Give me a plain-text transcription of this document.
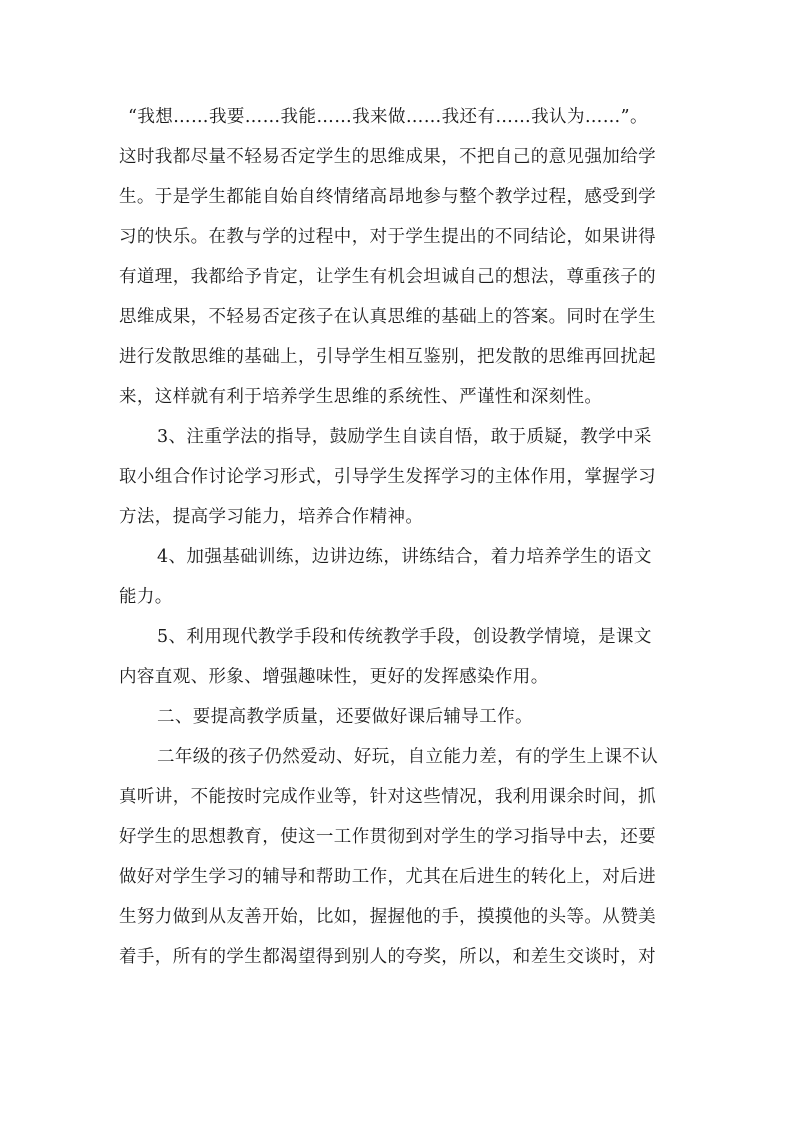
“我想……我要……我能……我来做……我还有……我认为……”。
这时我都尽量不轻易否定学生的思维成果，不把自己的意见强加给学
生。于是学生都能自始自终情绪高昂地参与整个教学过程，感受到学
习的快乐。在教与学的过程中，对于学生提出的不同结论，如果讲得
有道理，我都给予肯定，让学生有机会坦诚自己的想法，尊重孩子的
思维成果，不轻易否定孩子在认真思维的基础上的答案。同时在学生
进行发散思维的基础上，引导学生相互鉴别，把发散的思维再回扰起
来，这样就有利于培养学生思维的系统性、严谨性和深刻性。
3、注重学法的指导，鼓励学生自读自悟，敢于质疑，教学中采
取小组合作讨论学习形式，引导学生发挥学习的主体作用，掌握学习
方法，提高学习能力，培养合作精神。
4、加强基础训练，边讲边练，讲练结合，着力培养学生的语文
能力。
5、利用现代教学手段和传统教学手段，创设教学情境，是课文
内容直观、形象、增强趣味性，更好的发挥感染作用。
二、要提高教学质量，还要做好课后辅导工作。
二年级的孩子仍然爱动、好玩，自立能力差，有的学生上课不认
真听讲，不能按时完成作业等，针对这些情况，我利用课余时间，抓
好学生的思想教育，使这一工作贯彻到对学生的学习指导中去，还要
做好对学生学习的辅导和帮助工作，尤其在后进生的转化上，对后进
生努力做到从友善开始，比如，握握他的手，摸摸他的头等。从赞美
着手，所有的学生都渴望得到别人的夸奖，所以，和差生交谈时，对
